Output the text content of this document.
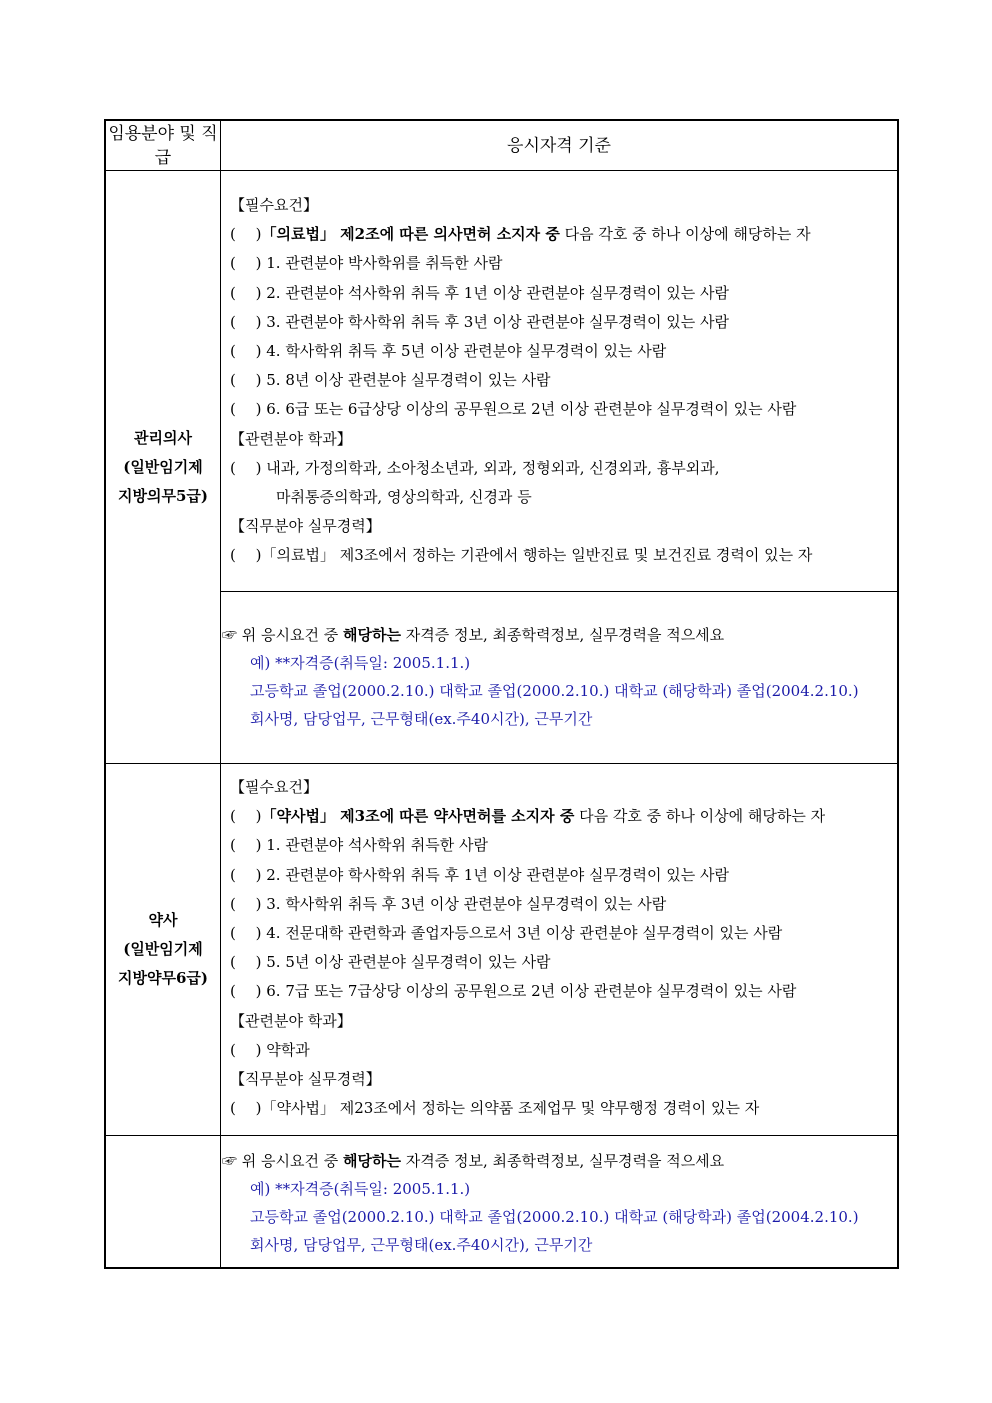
임용분야 및 직급
응시자격 기준
관리의사
(일반임기제
지방의무5급)
【필수요건】
(　 )「의료법」 제2조에 따른 의사면허 소지자 중 다음 각호 중 하나 이상에 해당하는 자
(　 ) 1. 관련분야 박사학위를 취득한 사람
(　 ) 2. 관련분야 석사학위 취득 후 1년 이상 관련분야 실무경력이 있는 사람
(　 ) 3. 관련분야 학사학위 취득 후 3년 이상 관련분야 실무경력이 있는 사람
(　 ) 4. 학사학위 취득 후 5년 이상 관련분야 실무경력이 있는 사람
(　 ) 5. 8년 이상 관련분야 실무경력이 있는 사람
(　 ) 6. 6급 또는 6급상당 이상의 공무원으로 2년 이상 관련분야 실무경력이 있는 사람
【관련분야 학과】
(　 ) 내과, 가정의학과, 소아청소년과, 외과, 정형외과, 신경외과, 흉부외과,
마취통증의학과, 영상의학과, 신경과 등
【직무분야 실무경력】
(　 )「의료법」 제3조에서 정하는 기관에서 행하는 일반진료 및 보건진료 경력이 있는 자
☞ 위 응시요건 중 해당하는 자격증 정보, 최종학력정보, 실무경력을 적으세요
예) **자격증(취득일: 2005.1.1.)
고등학교 졸업(2000.2.10.) 대학교 졸업(2000.2.10.) 대학교 (해당학과) 졸업(2004.2.10.)
회사명, 담당업무, 근무형태(ex.주40시간), 근무기간
약사
(일반임기제
지방약무6급)
【필수요건】
(　 )「약사법」 제3조에 따른 약사면허를 소지자 중 다음 각호 중 하나 이상에 해당하는 자
(　 ) 1. 관련분야 석사학위 취득한 사람
(　 ) 2. 관련분야 학사학위 취득 후 1년 이상 관련분야 실무경력이 있는 사람
(　 ) 3. 학사학위 취득 후 3년 이상 관련분야 실무경력이 있는 사람
(　 ) 4. 전문대학 관련학과 졸업자등으로서 3년 이상 관련분야 실무경력이 있는 사람
(　 ) 5. 5년 이상 관련분야 실무경력이 있는 사람
(　 ) 6. 7급 또는 7급상당 이상의 공무원으로 2년 이상 관련분야 실무경력이 있는 사람
【관련분야 학과】
(　 ) 약학과
【직무분야 실무경력】
(　 )「약사법」 제23조에서 정하는 의약품 조제업무 및 약무행정 경력이 있는 자
☞ 위 응시요건 중 해당하는 자격증 정보, 최종학력정보, 실무경력을 적으세요
예) **자격증(취득일: 2005.1.1.)
고등학교 졸업(2000.2.10.) 대학교 졸업(2000.2.10.) 대학교 (해당학과) 졸업(2004.2.10.)
회사명, 담당업무, 근무형태(ex.주40시간), 근무기간
